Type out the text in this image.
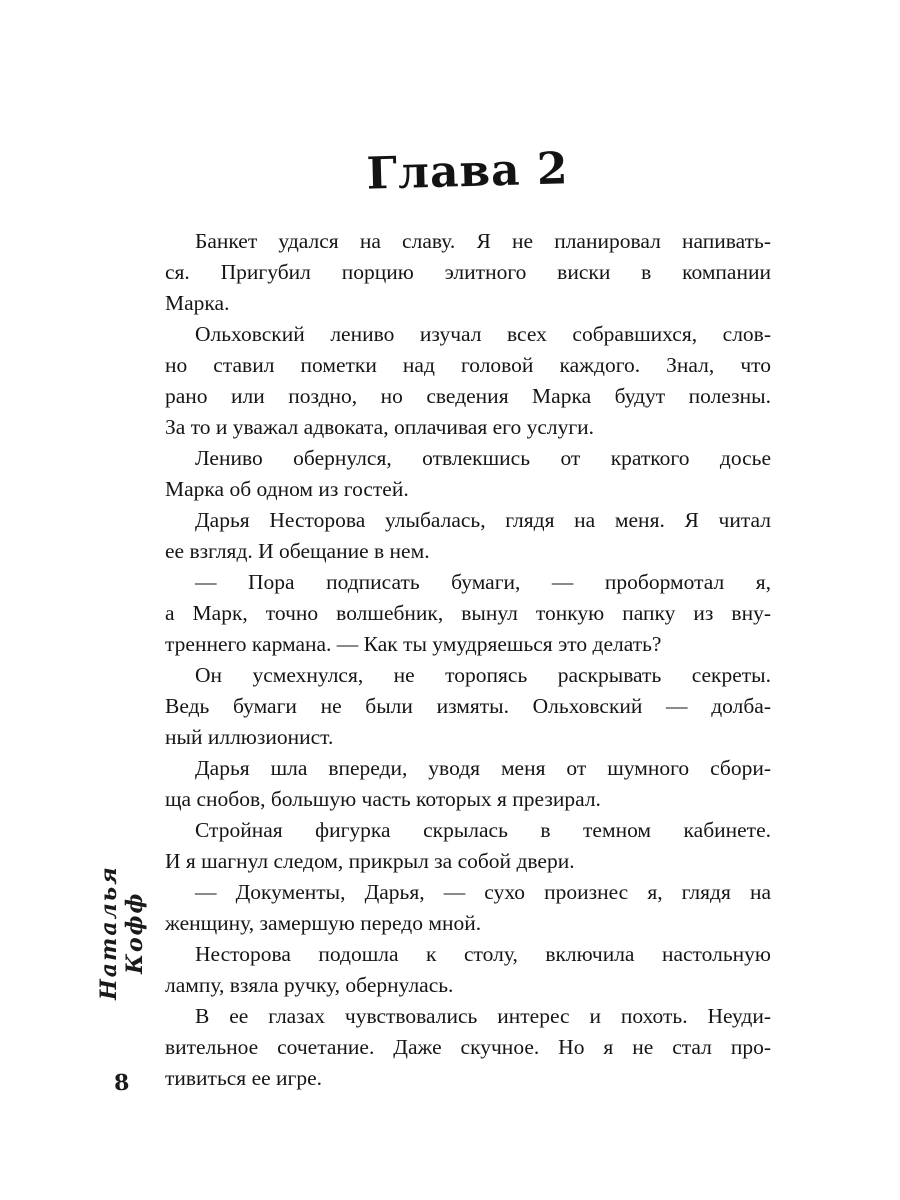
Глава 2
Банкет удался на славу. Я не планировал напивать-
ся. Пригубил порцию элитного виски в компании
Марка.
Ольховский лениво изучал всех собравшихся, слов-
но ставил пометки над головой каждого. Знал, что
рано или поздно, но сведения Марка будут полезны.
За то и уважал адвоката, оплачивая его услуги.
Лениво обернулся, отвлекшись от краткого досье
Марка об одном из гостей.
Дарья Несторова улыбалась, глядя на меня. Я читал
ее взгляд. И обещание в нем.
— Пора подписать бумаги, — пробормотал я,
а Марк, точно волшебник, вынул тонкую папку из вну-
треннего кармана. — Как ты умудряешься это делать?
Он усмехнулся, не торопясь раскрывать секреты.
Ведь бумаги не были измяты. Ольховский — долба-
ный иллюзионист.
Дарья шла впереди, уводя меня от шумного сбори-
ща снобов, большую часть которых я презирал.
Стройная фигурка скрылась в темном кабинете.
И я шагнул следом, прикрыл за собой двери.
— Документы, Дарья, — сухо произнес я, глядя на
женщину, замершую передо мной.
Несторова подошла к столу, включила настольную
лампу, взяла ручку, обернулась.
В ее глазах чувствовались интерес и похоть. Неуди-
вительное сочетание. Даже скучное. Но я не стал про-
тивиться ее игре.
Наталья Кофф
8
